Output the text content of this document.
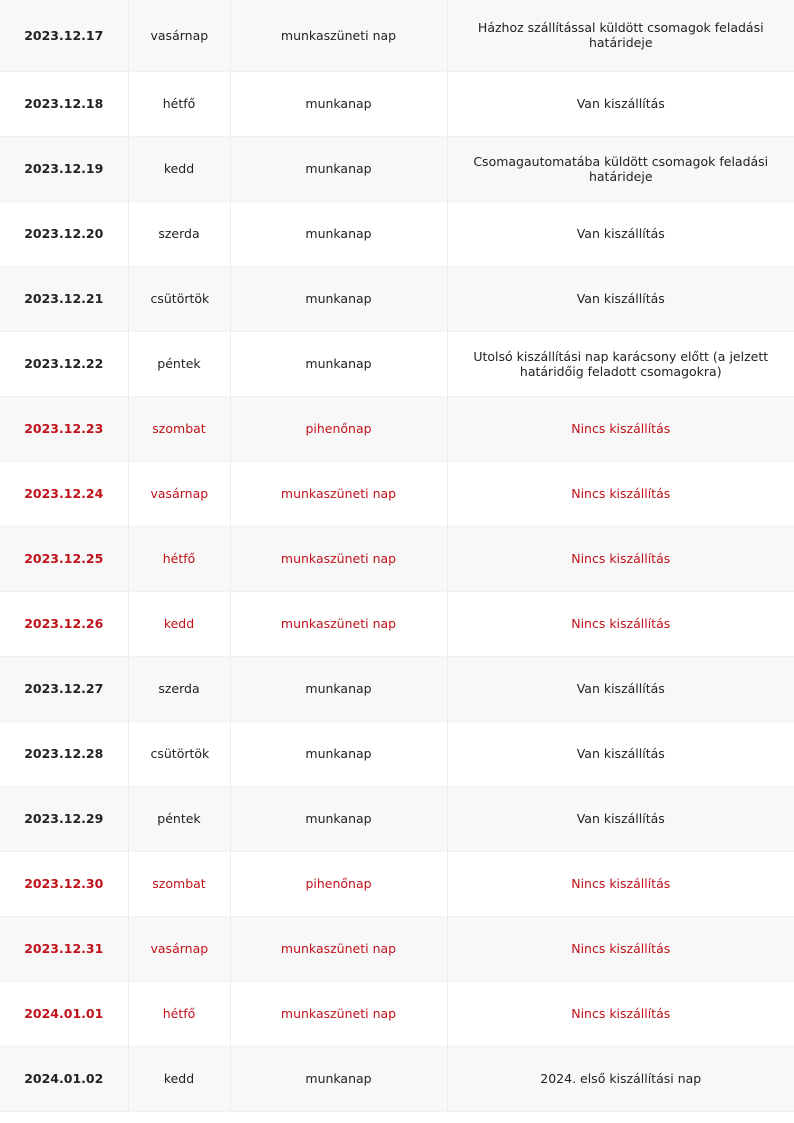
2023.12.17	vasárnap	munkaszüneti nap	Házhoz szállítással küldött csomagok feladási határideje
2023.12.18	hétfő	munkanap	Van kiszállítás
2023.12.19	kedd	munkanap	Csomagautomatába küldött csomagok feladási határideje
2023.12.20	szerda	munkanap	Van kiszállítás
2023.12.21	csütörtök	munkanap	Van kiszállítás
2023.12.22	péntek	munkanap	Utolsó kiszállítási nap karácsony előtt (a jelzett határidőig feladott csomagokra)
2023.12.23	szombat	pihenőnap	Nincs kiszállítás
2023.12.24	vasárnap	munkaszüneti nap	Nincs kiszállítás
2023.12.25	hétfő	munkaszüneti nap	Nincs kiszállítás
2023.12.26	kedd	munkaszüneti nap	Nincs kiszállítás
2023.12.27	szerda	munkanap	Van kiszállítás
2023.12.28	csütörtök	munkanap	Van kiszállítás
2023.12.29	péntek	munkanap	Van kiszállítás
2023.12.30	szombat	pihenőnap	Nincs kiszállítás
2023.12.31	vasárnap	munkaszüneti nap	Nincs kiszállítás
2024.01.01	hétfő	munkaszüneti nap	Nincs kiszállítás
2024.01.02	kedd	munkanap	2024. első kiszállítási nap
